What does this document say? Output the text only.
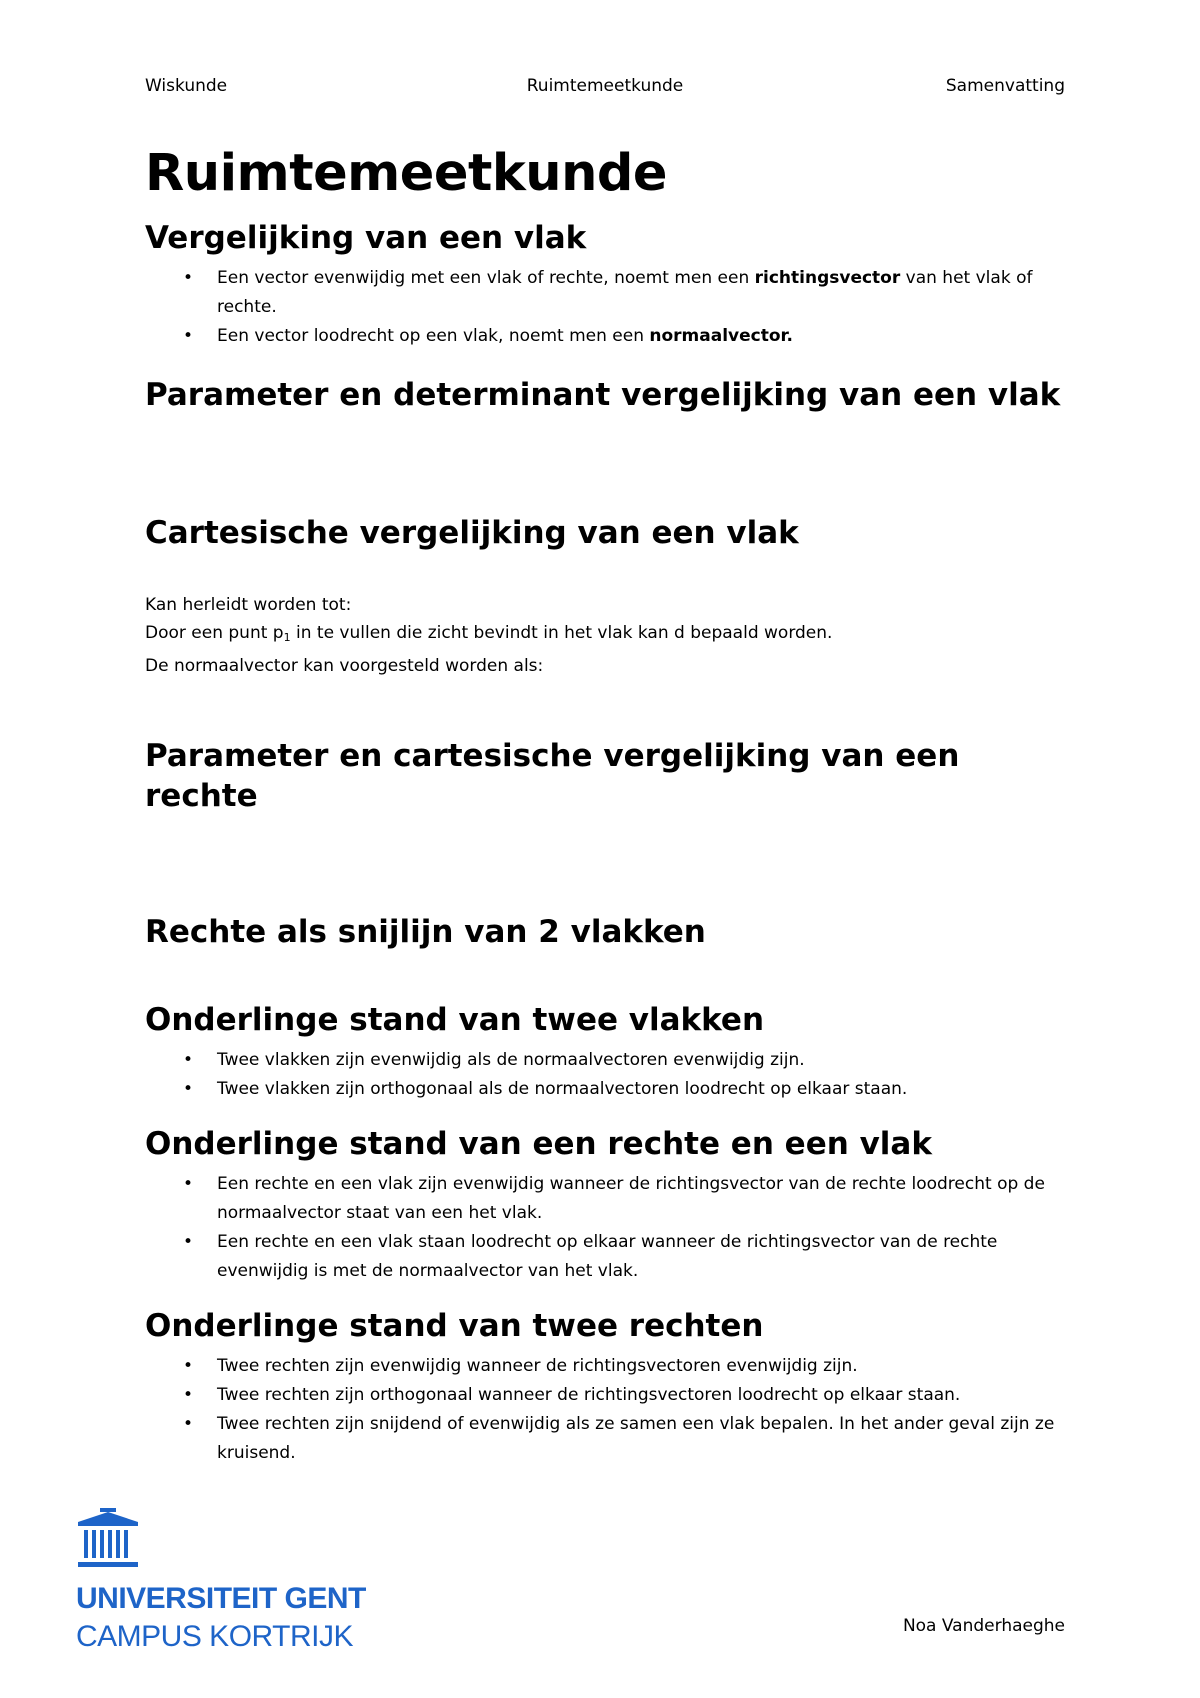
Wiskunde	Ruimtemeetkunde	Samenvatting
Ruimtemeetkunde
Vergelijking van een vlak
• Een vector evenwijdig met een vlak of rechte, noemt men een richtingsvector van het vlak of rechte.
• Een vector loodrecht op een vlak, noemt men een normaalvector.
Parameter en determinant vergelijking van een vlak
Cartesische vergelijking van een vlak

Kan herleidt worden tot:

Door een punt $p_1$ in te vullen die zicht bevindt in het vlak kan d bepaald worden.

De normaalvector kan voorgesteld worden als:

Parameter en cartesische vergelijking van een rechte
Rechte als snijlijn van 2 vlakken
Onderlinge stand van twee vlakken
• Twee vlakken zijn evenwijdig als de normaalvectoren evenwijdig zijn.
• Twee vlakken zijn orthogonaal als de normaalvectoren loodrecht op elkaar staan.
Onderlinge stand van een rechte en een vlak
• Een rechte en een vlak zijn evenwijdig wanneer de richtingsvector van de rechte loodrecht op de normaalvector staat van een het vlak.
• Een rechte en een vlak staan loodrecht op elkaar wanneer de richtingsvector van de rechte evenwijdig is met de normaalvector van het vlak.
Onderlinge stand van twee rechten
• Twee rechten zijn evenwijdig wanneer de richtingsvectoren evenwijdig zijn.
• Twee rechten zijn orthogonaal wanneer de richtingsvectoren loodrecht op elkaar staan.
• Twee rechten zijn snijdend of evenwijdig als ze samen een vlak bepalen. In het ander geval zijn ze kruisend.
UNIVERSITEIT GENT
CAMPUS KORTRIJK	Noa Vanderhaeghe
